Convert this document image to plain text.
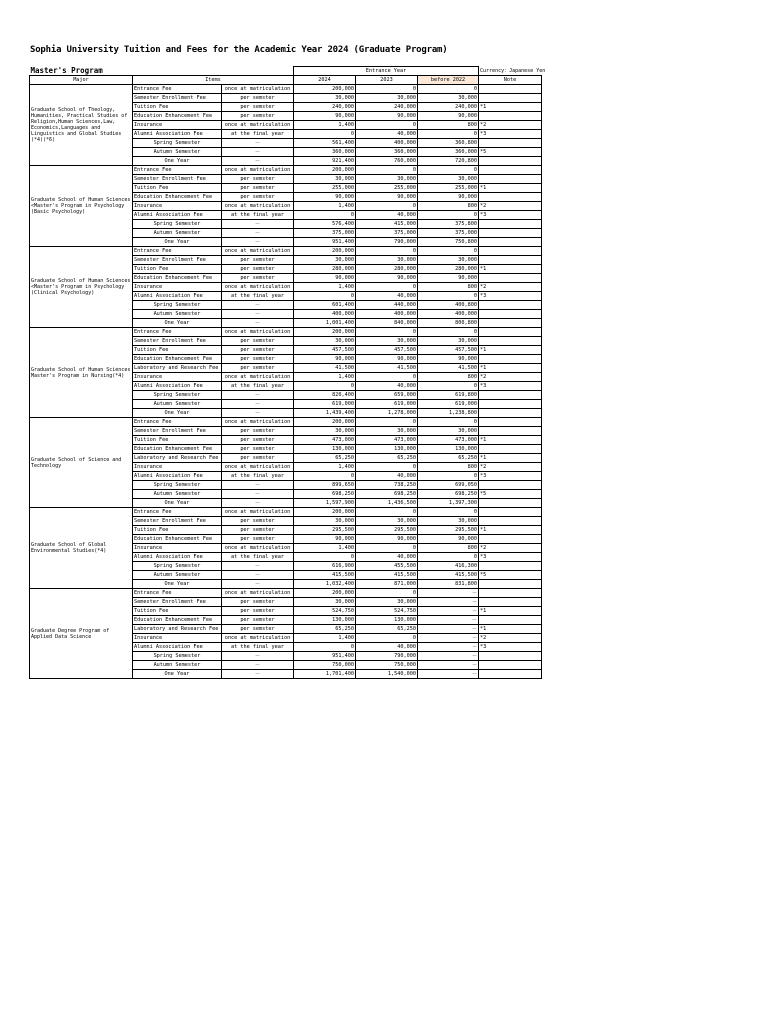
Sophia University Tuition and Fees for the Academic Year 2024 (Graduate Program)
Master's Program			Entrance Year			Currency：Japanese Yen
Major	Items		2024	2023	before 2022	Note
Graduate School of Theology, Humanities, Practical Studies of Religion,Human Sciences,Law, Economics,Languages and Linguistics and Global Studies (*4)(*6)	Entrance Fee	once at matriculation	200,000	0	0	
	Semester Enrollment Fee	per semster	30,000	30,000	30,000	
	Tuition Fee	per semster	240,000	240,000	240,000	*1
	Education Enhancement Fee	per semster	90,000	90,000	90,000	
	Insurance	once at matriculation	1,400	0	800	*2
	Alumni Association Fee	at the final year	0	40,000	0	*3
	Spring Semester	－	561,400	400,000	360,800	
	Autumn Semester	－	360,000	360,000	360,000	*5
	One Year	－	921,400	760,000	720,800	
Graduate School of Human Sciences <Master's Program in Psychology (Basic Psychology)	Entrance Fee	once at matriculation	200,000	0	0	
	Semester Enrollment Fee	per semster	30,000	30,000	30,000	
	Tuition Fee	per semster	255,000	255,000	255,000	*1
	Education Enhancement Fee	per semster	90,000	90,000	90,000	
	Insurance	once at matriculation	1,400	0	800	*2
	Alumni Association Fee	at the final year	0	40,000	0	*3
	Spring Semester	－	576,400	415,000	375,800	
	Autumn Semester	－	375,000	375,000	375,000	
	One Year	－	951,400	790,000	750,800	
Graduate School of Human Sciences <Master's Program in Psychology (Clinical Psychology)	Entrance Fee	once at matriculation	200,000	0	0	
	Semester Enrollment Fee	per semster	30,000	30,000	30,000	
	Tuition Fee	per semster	280,000	280,000	280,000	*1
	Education Enhancement Fee	per semster	90,000	90,000	90,000	
	Insurance	once at matriculation	1,400	0	800	*2
	Alumni Association Fee	at the final year	0	40,000	0	*3
	Spring Semester	－	601,400	440,000	400,800	
	Autumn Semester	－	400,000	400,000	400,000	
	One Year	－	1,001,400	840,000	800,800	
Graduate School of Human Sciences Master's Program in Nursing(*4)	Entrance Fee	once at matriculation	200,000	0	0	
	Semester Enrollment Fee	per semster	30,000	30,000	30,000	
	Tuition Fee	per semster	457,500	457,500	457,500	*1
	Education Enhancement Fee	per semster	90,000	90,000	90,000	
	Laboratory and Research Fee	per semster	41,500	41,500	41,500	*1
	Insurance	once at matriculation	1,400	0	800	*2
	Alumni Association Fee	at the final year	0	40,000	0	*3
	Spring Semester	－	820,400	659,000	619,800	
	Autumn Semester	－	619,000	619,000	619,000	
	One Year	－	1,439,400	1,278,000	1,238,800	
Graduate School of Science and Technology	Entrance Fee	once at matriculation	200,000	0	0	
	Semester Enrollment Fee	per semster	30,000	30,000	30,000	
	Tuition Fee	per semster	473,000	473,000	473,000	*1
	Education Enhancement Fee	per semster	130,000	130,000	130,000	
	Laboratory and Research Fee	per semster	65,250	65,250	65,250	*1
	Insurance	once at matriculation	1,400	0	800	*2
	Alumni Association Fee	at the final year	0	40,000	0	*3
	Spring Semester	－	899,650	738,250	699,050	
	Autumn Semester	－	698,250	698,250	698,250	*5
	One Year	－	1,597,900	1,436,500	1,397,300	
Graduate School of Global Environmental Studies(*4)	Entrance Fee	once at matriculation	200,000	0	0	
	Semester Enrollment Fee	per semster	30,000	30,000	30,000	
	Tuition Fee	per semster	295,500	295,500	295,500	*1
	Education Enhancement Fee	per semster	90,000	90,000	90,000	
	Insurance	once at matriculation	1,400	0	800	*2
	Alumni Association Fee	at the final year	0	40,000	0	*3
	Spring Semester	－	616,900	455,500	416,300	
	Autumn Semester	－	415,500	415,500	415,500	*5
	One Year	－	1,032,400	871,000	831,800	
Graduate Degree Program of Applied Data Science	Entrance Fee	once at matriculation	200,000	0	－	
	Semester Enrollment Fee	per semster	30,000	30,000	－	
	Tuition Fee	per semster	524,750	524,750	－	*1
	Education Enhancement Fee	per semster	130,000	130,000	－	
	Laboratory and Research Fee	per semster	65,250	65,250	－	*1
	Insurance	once at matriculation	1,400	0	－	*2
	Alumni Association Fee	at the final year	0	40,000	－	*3
	Spring Semester	－	951,400	790,000	－	
	Autumn Semester	－	750,000	750,000	－	
	One Year	－	1,701,400	1,540,000	－	
